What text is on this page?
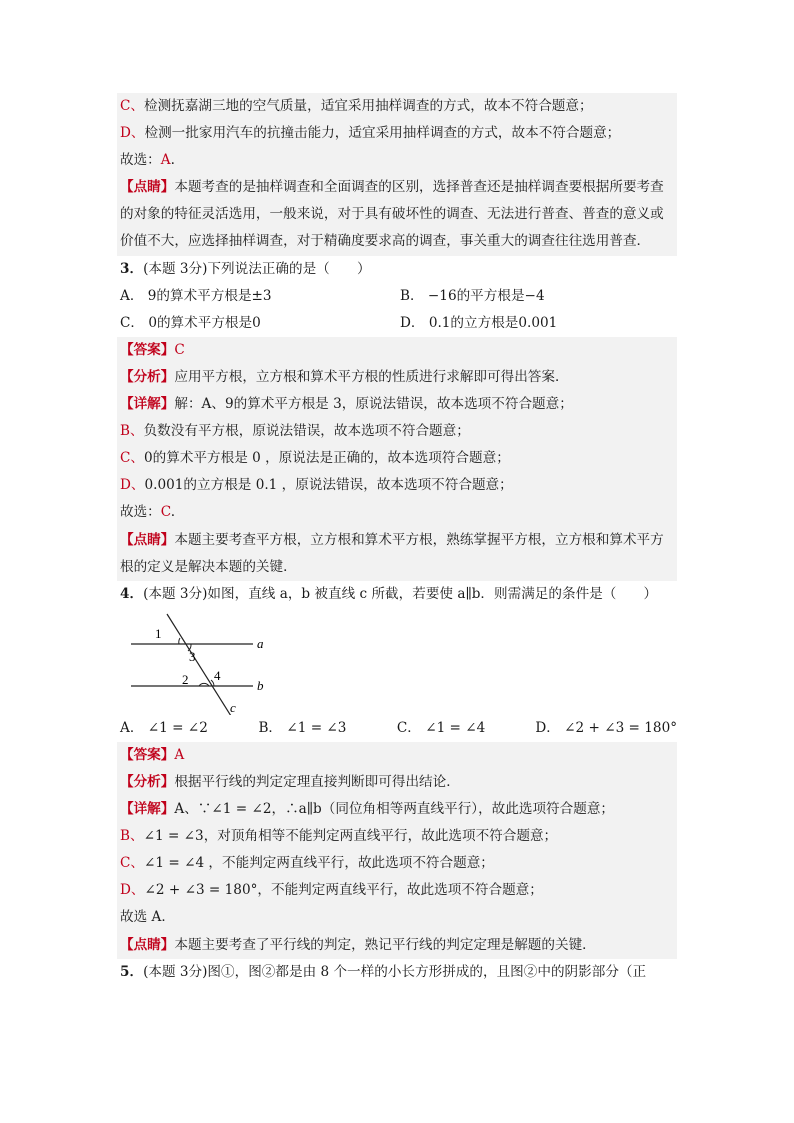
C、检测抚嘉湖三地的空气质量，适宜采用抽样调查的方式，故本不符合题意；
D、检测一批家用汽车的抗撞击能力，适宜采用抽样调查的方式，故本不符合题意；
故选：A.
【点睛】本题考查的是抽样调查和全面调查的区别，选择普查还是抽样调查要根据所要考查
的对象的特征灵活选用，一般来说，对于具有破坏性的调查、无法进行普查、普查的意义或
价值不大，应选择抽样调查，对于精确度要求高的调查，事关重大的调查往往选用普查．
3．(本题 3分)下列说法正确的是（　　）
A． 9的算术平方根是±3	B． −16的平方根是−4
C． 0的算术平方根是0	D． 0.1的立方根是0.001
【答案】C
【分析】应用平方根，立方根和算术平方根的性质进行求解即可得出答案．
【详解】解：A、9的算术平方根是 3，原说法错误，故本选项不符合题意；
B、负数没有平方根，原说法错误，故本选项不符合题意；
C、0的算术平方根是 0 ，原说法是正确的，故本选项符合题意；
D、0.001的立方根是 0.1 ，原说法错误，故本选项不符合题意；
故选：C.
【点睛】本题主要考查平方根，立方根和算术平方根，熟练掌握平方根，立方根和算术平方
根的定义是解决本题的关键．
4．(本题 3分)如图，直线 a，b 被直线 c 所截，若要使 a∥b．则需满足的条件是（　　）
1
3
2 4
a
b
c
A． ∠1 = ∠2	B． ∠1 = ∠3	C． ∠1 = ∠4	D． ∠2 + ∠3 = 180°
【答案】A
【分析】根据平行线的判定定理直接判断即可得出结论．
【详解】A、∵∠1 = ∠2，∴a∥b（同位角相等两直线平行），故此选项符合题意；
B、∠1 = ∠3，对顶角相等不能判定两直线平行，故此选项不符合题意；
C、∠1 = ∠4 ，不能判定两直线平行，故此选项不符合题意；
D、∠2 + ∠3 = 180°，不能判定两直线平行，故此选项不符合题意；
故选 A．
【点睛】本题主要考查了平行线的判定，熟记平行线的判定定理是解题的关键．
5．(本题 3分)图①，图②都是由 8 个一样的小长方形拼成的，且图②中的阴影部分（正
